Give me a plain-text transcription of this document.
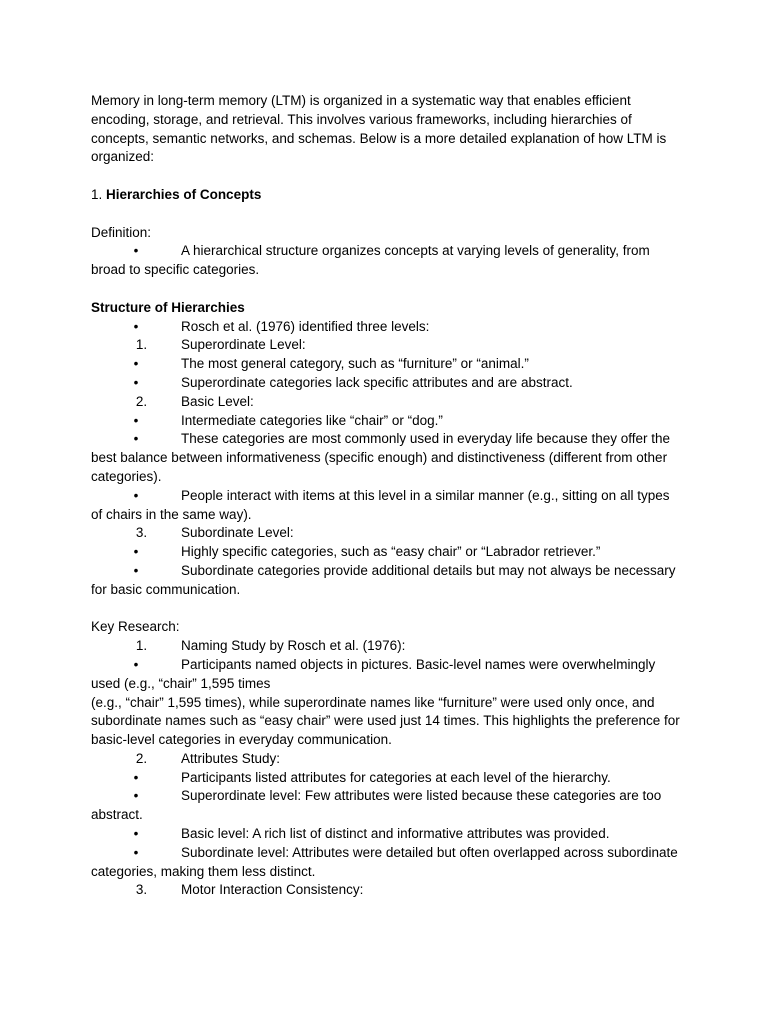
Memory in long-term memory (LTM) is organized in a systematic way that enables efficient encoding, storage, and retrieval. This involves various frameworks, including hierarchies of concepts, semantic networks, and schemas. Below is a more detailed explanation of how LTM is organized:

1. Hierarchies of Concepts

Definition:

•	A hierarchical structure organizes concepts at varying levels of generality, from broad to specific categories.

Structure of Hierarchies

•	Rosch et al. (1976) identified three levels:
1.	Superordinate Level:
•	The most general category, such as “furniture” or “animal.”
•	Superordinate categories lack specific attributes and are abstract.
2.	Basic Level:
•	Intermediate categories like “chair” or “dog.”
•	These categories are most commonly used in everyday life because they offer the best balance between informativeness (specific enough) and distinctiveness (different from other categories).
•	People interact with items at this level in a similar manner (e.g., sitting on all types of chairs in the same way).
3.	Subordinate Level:
•	Highly specific categories, such as “easy chair” or “Labrador retriever.”
•	Subordinate categories provide additional details but may not always be necessary for basic communication.

Key Research:

1.	Naming Study by Rosch et al. (1976):
•	Participants named objects in pictures. Basic-level names were overwhelmingly used (e.g., “chair” 1,595 times

(e.g., “chair” 1,595 times), while superordinate names like “furniture” were used only once, and subordinate names such as “easy chair” were used just 14 times. This highlights the preference for basic-level categories in everyday communication.

2.	Attributes Study:
•	Participants listed attributes for categories at each level of the hierarchy.
•	Superordinate level: Few attributes were listed because these categories are too abstract.
•	Basic level: A rich list of distinct and informative attributes was provided.
•	Subordinate level: Attributes were detailed but often overlapped across subordinate categories, making them less distinct.
3.	Motor Interaction Consistency:
